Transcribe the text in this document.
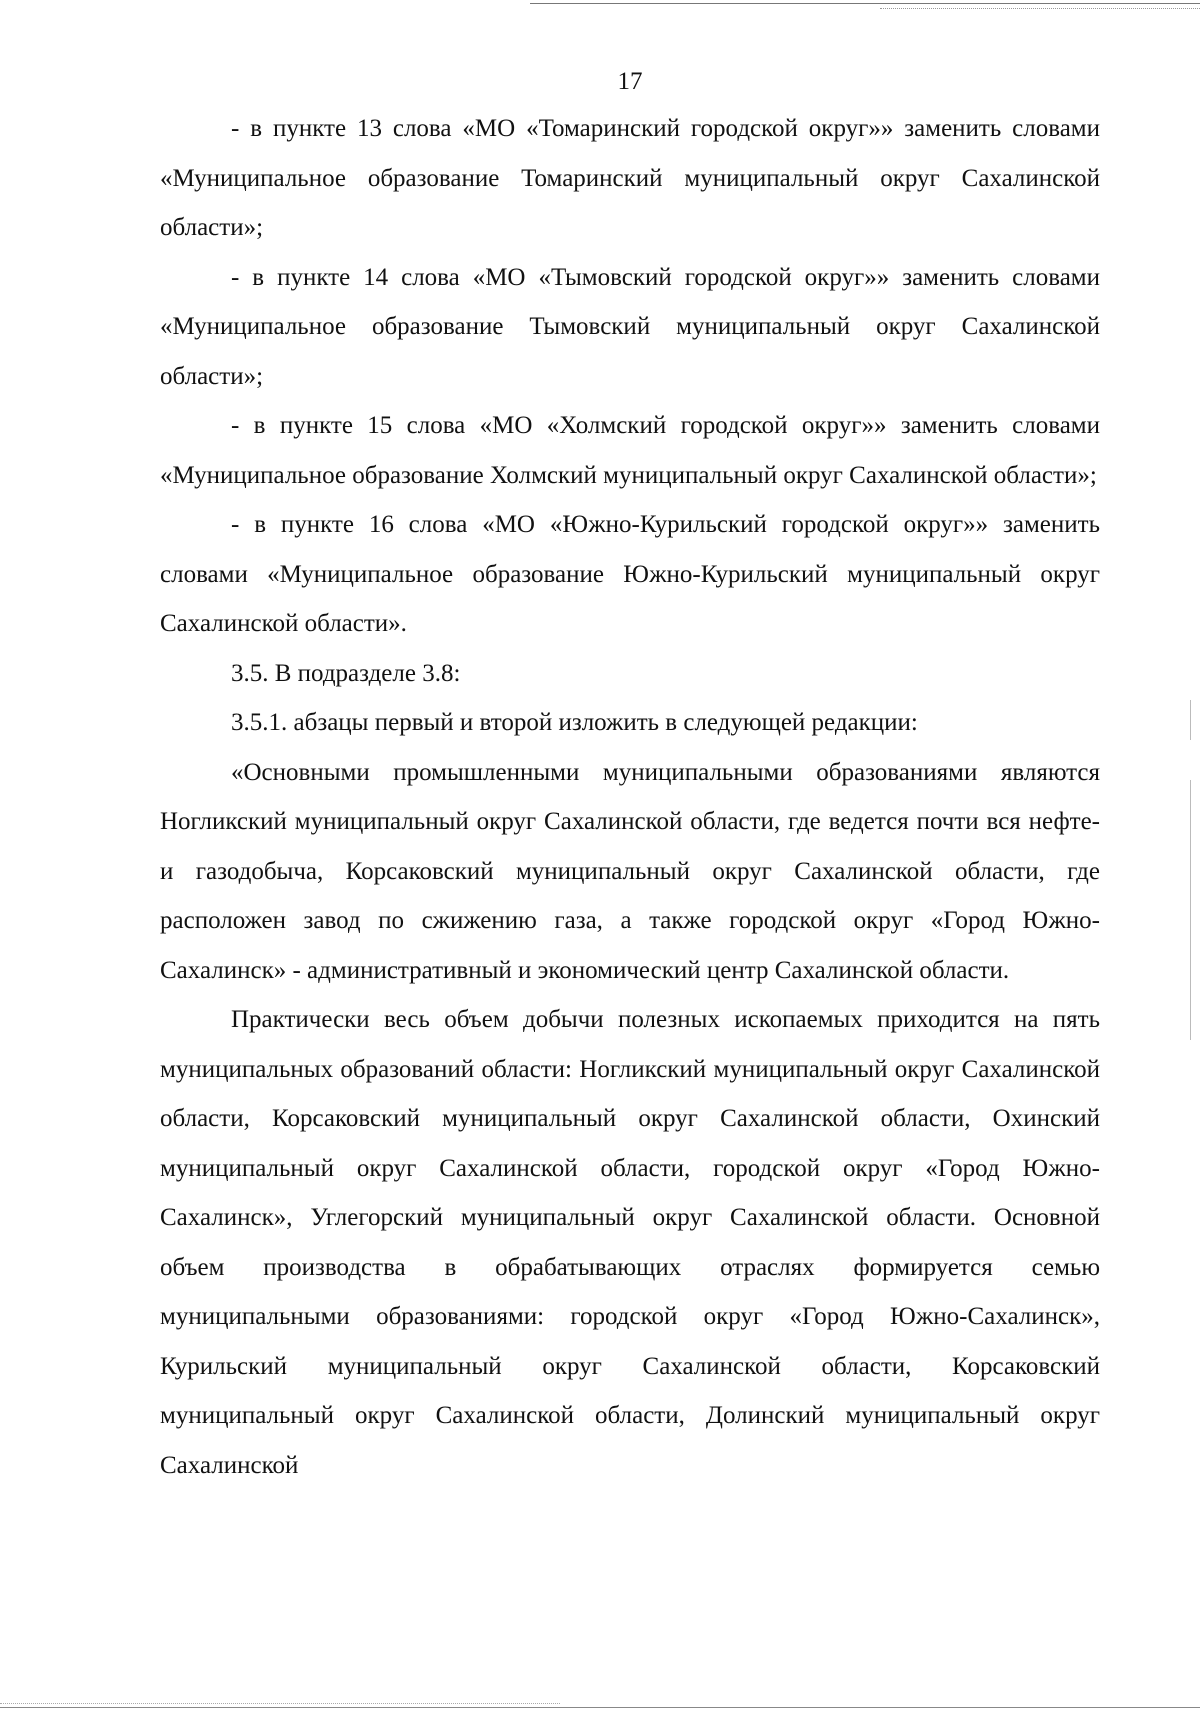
17

- в пункте 13 слова «МО «Томаринский городской округ»» заменить словами «Муниципальное образование Томаринский муниципальный округ Сахалинской области»;

- в пункте 14 слова «МО «Тымовский городской округ»» заменить словами «Муниципальное образование Тымовский муниципальный округ Сахалинской области»;

- в пункте 15 слова «МО «Холмский городской округ»» заменить словами «Муниципальное образование Холмский муниципальный округ Сахалинской области»;

- в пункте 16 слова «МО «Южно-Курильский городской округ»» заменить словами «Муниципальное образование Южно-Курильский муниципальный округ Сахалинской области».

3.5. В подразделе 3.8:

3.5.1. абзацы первый и второй изложить в следующей редакции:

«Основными промышленными муниципальными образованиями являются Ногликский муниципальный округ Сахалинской области, где ведется почти вся нефте- и газодобыча, Корсаковский муниципальный округ Сахалинской области, где расположен завод по сжижению газа, а также городской округ «Город Южно-Сахалинск» - административный и экономический центр Сахалинской области.

Практически весь объем добычи полезных ископаемых приходится на пять муниципальных образований области: Ногликский муниципальный округ Сахалинской области, Корсаковский муниципальный округ Сахалинской области, Охинский муниципальный округ Сахалинской области, городской округ «Город Южно-Сахалинск», Углегорский муниципальный округ Сахалинской области. Основной объем производства в обрабатывающих отраслях формируется семью муниципальными образованиями: городской округ «Город Южно-Сахалинск», Курильский муниципальный округ Сахалинской области, Корсаковский муниципальный округ Сахалинской области, Долинский муниципальный округ Сахалинской
